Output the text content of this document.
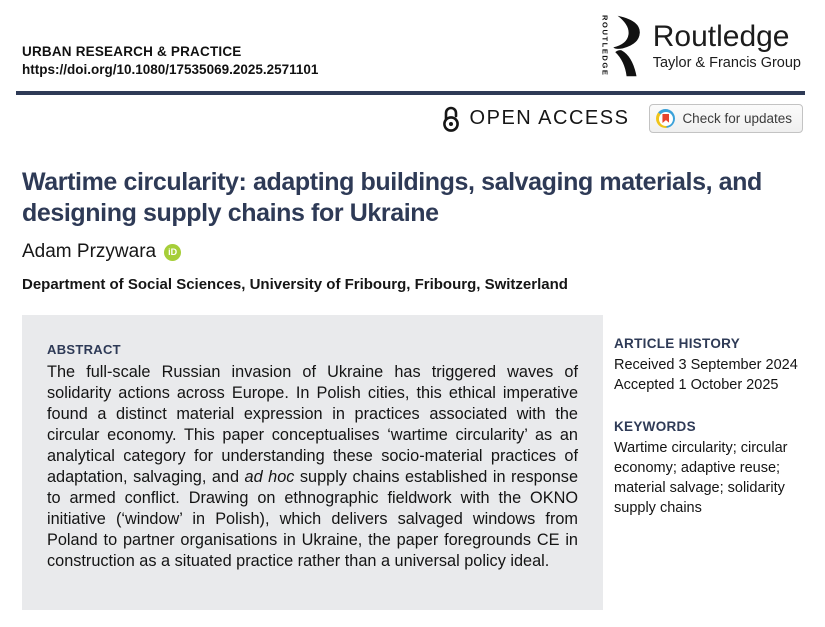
URBAN RESEARCH & PRACTICE
https://doi.org/10.1080/17535069.2025.2571101	ROUTLEDGE Routledge
Taylor & Francis Group
OPEN ACCESS	Check for updates
Wartime circularity: adapting buildings, salvaging materials, and designing supply chains for Ukraine
Adam Przywara	iD
Department of Social Sciences, University of Fribourg, Fribourg, Switzerland
ABSTRACT
The full-scale Russian invasion of Ukraine has triggered waves of solidarity actions across Europe. In Polish cities, this ethical imperative found a distinct material expression in practices associated with the circular economy. This paper conceptualises ‘wartime circularity’ as an analytical category for understanding these socio-material practices of adaptation, salvaging, and ad hoc supply chains established in response to armed conflict. Drawing on ethnographic fieldwork with the OKNO initiative (‘window’ in Polish), which delivers salvaged windows from Poland to partner organisations in Ukraine, the paper foregrounds CE in construction as a situated practice rather than a universal policy ideal.
ARTICLE HISTORY
Received 3 September 2024
Accepted 1 October 2025
KEYWORDS
Wartime circularity; circular economy; adaptive reuse; material salvage; solidarity supply chains
